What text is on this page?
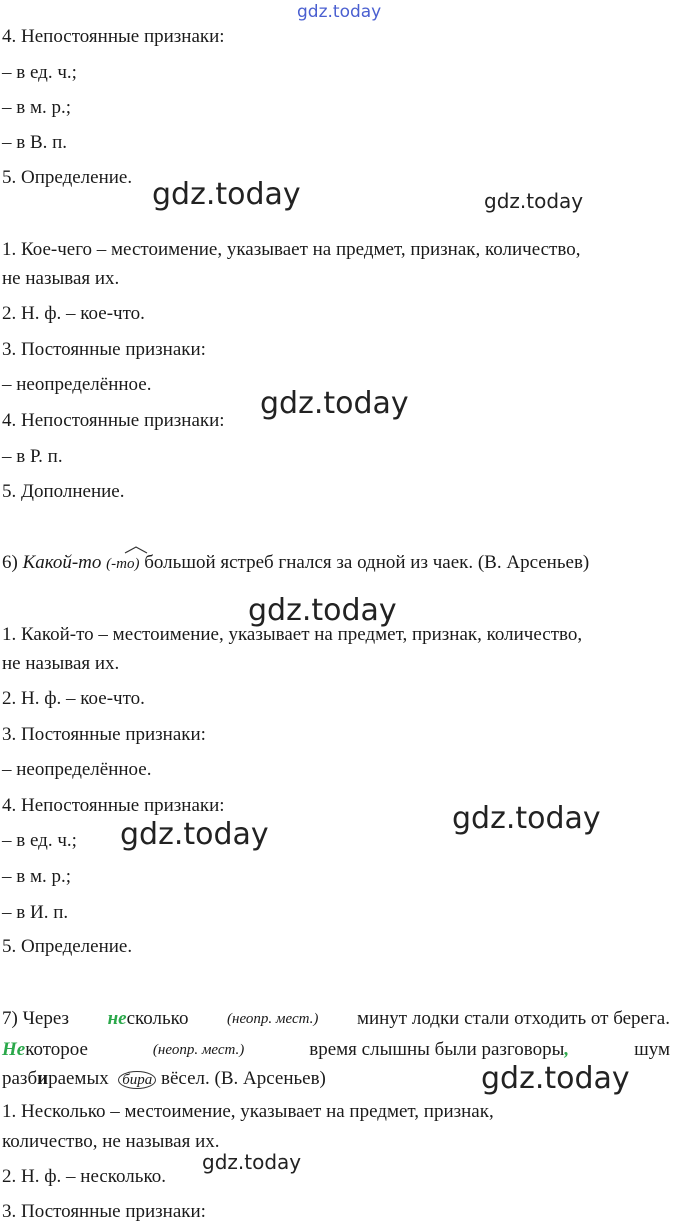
gdz.today
gdz.today	gdz.today
gdz.today
gdz.today
gdz.today
gdz.today
gdz.today
gdz.today
4. Непостоянные признаки:
– в ед. ч.;
– в м. р.;
– в В. п.
5. Определение.
1. Кое-чего – местоимение, указывает на предмет, признак, количество,
не называя их.
2. Н. ф. – кое-что.
3. Постоянные признаки:
– неопределённое.
4. Непостоянные признаки:
– в Р. п.
5. Дополнение.
6) Какой-то (-то) большой ястреб гнался за одной из чаек. (В. Арсеньев)
1. Какой-то – местоимение, указывает на предмет, признак, количество,
не называя их.
2. Н. ф. – кое-что.
3. Постоянные признаки:
– неопределённое.
4. Непостоянные признаки:
– в ед. ч.;
– в м. р.;
– в И. п.
5. Определение.
7) Через несколько	(неопр. мест.) минут лодки стали отходить от берега.
Некоторое	(неопр. мест.)	время слышны были разговоры,	шум
разбираемых бира вёсел. (В. Арсеньев)
1. Несколько – местоимение, указывает на предмет, признак,
количество, не называя их.
2. Н. ф. – несколько.
3. Постоянные признаки:
